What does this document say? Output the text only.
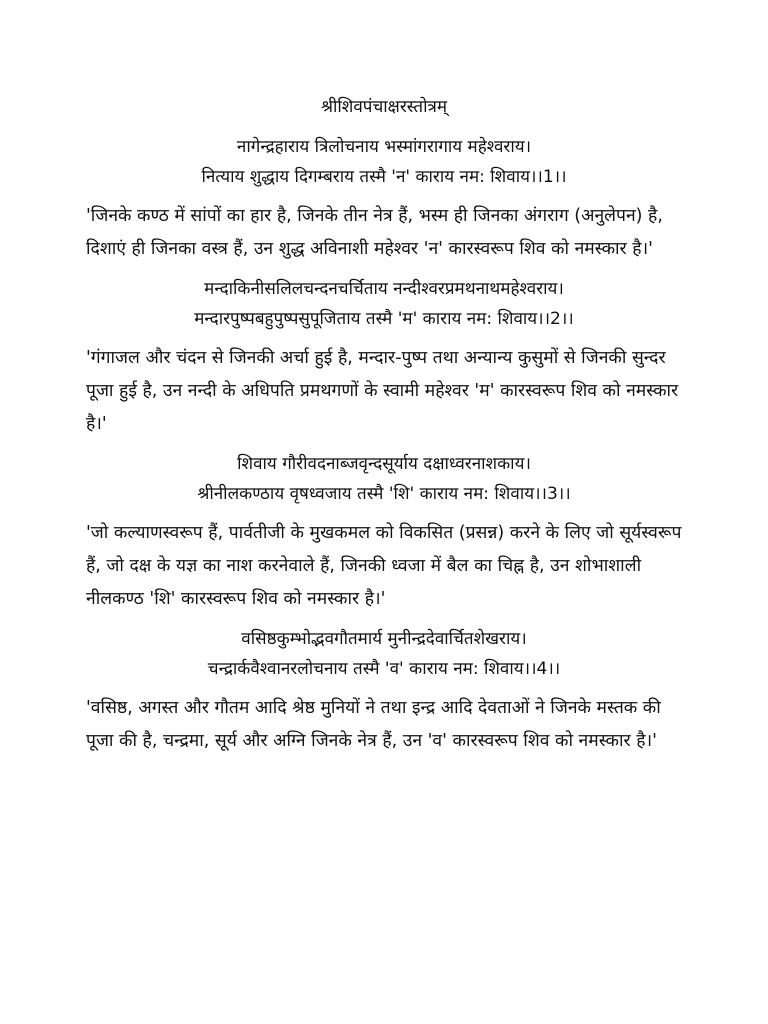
श्रीशिवपंचाक्षरस्तोत्रम्
नागेन्द्रहाराय त्रिलोचनाय भस्मांगरागाय महेश्वराय।
नित्याय शुद्धाय दिगम्बराय तस्मै 'न' काराय नम: शिवाय।।1।।
'जिनके कण्ठ में सांपों का हार है, जिनके तीन नेत्र हैं, भस्म ही जिनका अंगराग (अनुलेपन) है, दिशाएं ही जिनका वस्त्र हैं, उन शुद्ध अविनाशी महेश्वर 'न' कारस्वरूप शिव को नमस्कार है।'
मन्दाकिनीसलिलचन्दनचर्चिताय नन्दीश्वरप्रमथनाथमहेश्वराय।
मन्दारपुष्पबहुपुष्पसुपूजिताय तस्मै 'म' काराय नम: शिवाय।।2।।
'गंगाजल और चंदन से जिनकी अर्चा हुई है, मन्दार-पुष्प तथा अन्यान्य कुसुमों से जिनकी सुन्दर पूजा हुई है, उन नन्दी के अधिपति प्रमथगणों के स्वामी महेश्वर 'म' कारस्वरूप शिव को नमस्कार है।'
शिवाय गौरीवदनाब्जवृन्दसूर्याय दक्षाध्वरनाशकाय।
श्रीनीलकण्ठाय वृषध्वजाय तस्मै 'शि' काराय नम: शिवाय।।3।।
'जो कल्याणस्वरूप हैं, पार्वतीजी के मुखकमल को विकसित (प्रसन्न) करने के लिए जो सूर्यस्वरूप हैं, जो दक्ष के यज्ञ का नाश करनेवाले हैं, जिनकी ध्वजा में बैल का चिह्न है, उन शोभाशाली नीलकण्ठ 'शि' कारस्वरूप शिव को नमस्कार है।'
वसिष्ठकुम्भोद्भवगौतमार्य मुनीन्द्रदेवार्चितशेखराय।
चन्द्रार्कवैश्वानरलोचनाय तस्मै 'व' काराय नम: शिवाय।।4।।
'वसिष्ठ, अगस्त और गौतम आदि श्रेष्ठ मुनियों ने तथा इन्द्र आदि देवताओं ने जिनके मस्तक की पूजा की है, चन्द्रमा, सूर्य और अग्नि जिनके नेत्र हैं, उन 'व' कारस्वरूप शिव को नमस्कार है।'
